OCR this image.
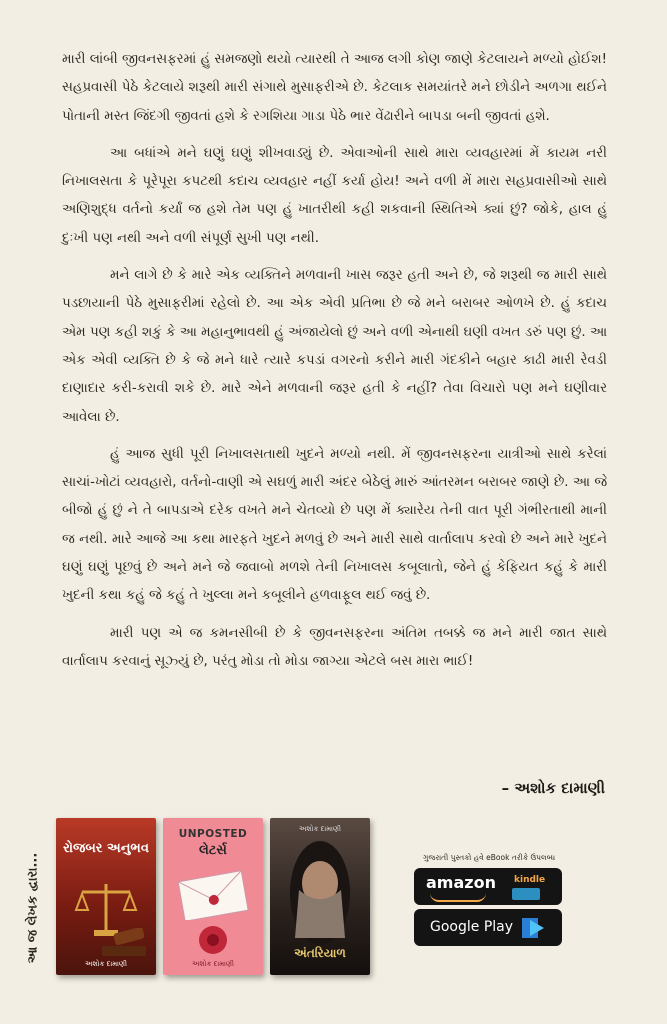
મારી લાંબી જીવનસફરમાં હું સમજણો થયો ત્યારથી તે આજ લગી કોણ જાણે કેટલાયને મળ્યો હોઈશ! સહપ્રવાસી પેઠે કેટલાયે શરૂથી મારી સંગાથે મુસાફરીએ છે. કેટલાક સમયાંતરે મને છોડીને અળગા થઈને પોતાની મસ્ત જિંદગી જીવતાં હશે કે રગશિયા ગાડા પેઠે ભાર વેંઢારીને બાપડા બની જીવતાં હશે.

આ બધાંએ મને ઘણું ઘણું શીખવાડ્યું છે. એવાઓની સાથે મારા વ્યવહારમાં મેં કાયમ નરી નિખાલસતા કે પૂરેપૂરા કપટથી કદાચ વ્યવહાર નહીં કર્યા હોય! અને વળી મેં મારા સહપ્રવાસીઓ સાથે અણિશુદ્ધ વર્તનો કર્યાં જ હશે તેમ પણ હું ખાતરીથી કહી શકવાની સ્થિતિએ ક્યાં છું? જોકે, હાલ હું દુઃખી પણ નથી અને વળી સંપૂર્ણ સુખી પણ નથી.

મને લાગે છે કે મારે એક વ્યક્તિને મળવાની ખાસ જરૂર હતી અને છે, જે શરૂથી જ મારી સાથે પડછાયાની પેઠે મુસાફરીમાં રહેલો છે. આ એક એવી પ્રતિભા છે જે મને બરાબર ઓળખે છે. હું કદાચ એમ પણ કહી શકું કે આ મહાનુભાવથી હું અંજાયેલો છું અને વળી એનાથી ઘણી વખત ડરું પણ છું. આ એક એવી વ્યક્તિ છે કે જે મને ધારે ત્યારે કપડાં વગરનો કરીને મારી ગંદકીને બહાર કાઢી મારી રેવડી દાણાદાર કરી-કરાવી શકે છે. મારે એને મળવાની જરૂર હતી કે નહીં? તેવા વિચારો પણ મને ઘણીવાર આવેલા છે.

હું આજ સુધી પૂરી નિખાલસતાથી ખુદને મળ્યો નથી. મેં જીવનસફરના યાત્રીઓ સાથે કરેલાં સાચાં-ખોટાં વ્યવહારો, વર્તનો-વાણી એ સઘળું મારી અંદર બેઠેલું મારું આંતરમન બરાબર જાણે છે. આ જે બીજો હું છું ને તે બાપડાએ દરેક વખતે મને ચેતવ્યો છે પણ મેં ક્યારેય તેની વાત પૂરી ગંભીરતાથી માની જ નથી. મારે આજે આ કથા મારફતે ખુદને મળવું છે અને મારી સાથે વાર્તાલાપ કરવો છે અને મારે ખુદને ઘણું ઘણું પૂછવું છે અને મને જે જવાબો મળશે તેની નિખાલસ કબૂલાતો, જેને હું કેફિયત કહું કે મારી ખુદની કથા કહું જે કહું તે ખુલ્લા મને કબૂલીને હળવાફૂલ થઈ જવું છે.

મારી પણ એ જ કમનસીબી છે કે જીવનસફરના અંતિમ તબક્કે જ મને મારી જાત સાથે વાર્તાલાપ કરવાનું સૂઝ્યું છે, પરંતુ મોડા તો મોડા જાગ્યા એટલે બસ મારા ભાઈ!

– અશોક દામાણી
આ જ લેખક દ્વારા...
રોજબર અનુભવ
અશોક દામાણી
UNPOSTED
લેટર્સ
અશોક દામાણી
અશોક દામાણી
અંતરિયાળ
ગુજરાતી પુસ્તકો હવે eBook તરીકે ઉપલબ્ધ
amazon kindle
Google Play
